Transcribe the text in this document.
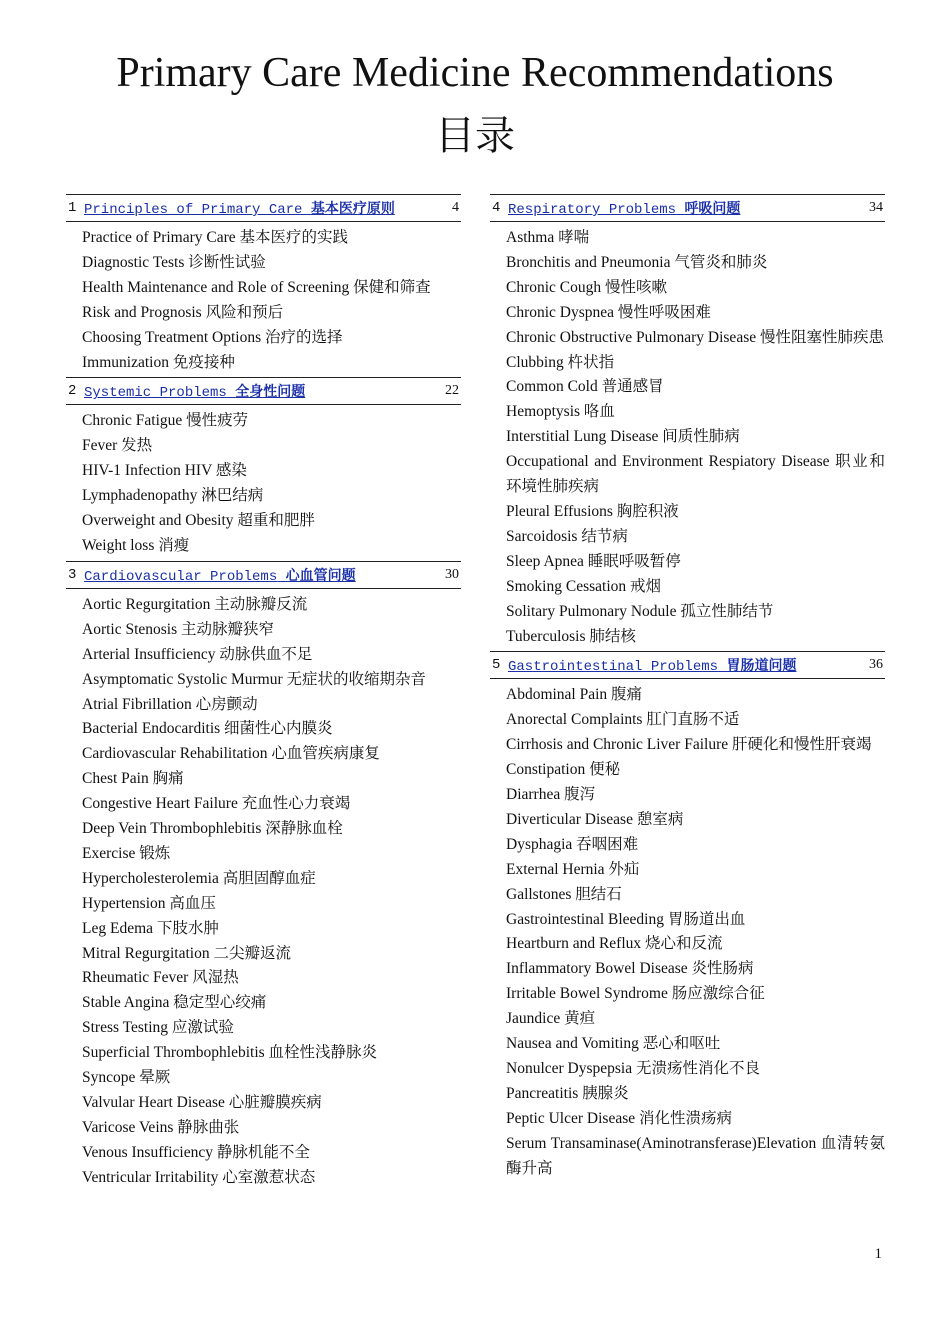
Primary Care Medicine Recommendations
目录
1 Principles of Primary Care 基本医疗原则	4
Practice of Primary Care 基本医疗的实践
Diagnostic Tests 诊断性试验
Health Maintenance and Role of Screening 保健和筛查
Risk and Prognosis 风险和预后
Choosing Treatment Options 治疗的选择
Immunization 免疫接种
2 Systemic Problems 全身性问题	22
Chronic Fatigue 慢性疲劳
Fever 发热
HIV-1 Infection HIV 感染
Lymphadenopathy 淋巴结病
Overweight and Obesity 超重和肥胖
Weight loss 消瘦
3 Cardiovascular Problems 心血管问题	30
Aortic Regurgitation 主动脉瓣反流
Aortic Stenosis 主动脉瓣狭窄
Arterial Insufficiency 动脉供血不足
Asymptomatic Systolic Murmur 无症状的收缩期杂音
Atrial Fibrillation 心房颤动
Bacterial Endocarditis 细菌性心内膜炎
Cardiovascular Rehabilitation 心血管疾病康复
Chest Pain 胸痛
Congestive Heart Failure 充血性心力衰竭
Deep Vein Thrombophlebitis 深静脉血栓
Exercise 锻炼
Hypercholesterolemia 高胆固醇血症
Hypertension 高血压
Leg Edema 下肢水肿
Mitral Regurgitation 二尖瓣返流
Rheumatic Fever 风湿热
Stable Angina 稳定型心绞痛
Stress Testing 应激试验
Superficial Thrombophlebitis 血栓性浅静脉炎
Syncope 晕厥
Valvular Heart Disease 心脏瓣膜疾病
Varicose Veins 静脉曲张
Venous Insufficiency 静脉机能不全
Ventricular Irritability 心室激惹状态
4 Respiratory Problems 呼吸问题	34
Asthma 哮喘
Bronchitis and Pneumonia 气管炎和肺炎
Chronic Cough 慢性咳嗽
Chronic Dyspnea 慢性呼吸困难
Chronic Obstructive Pulmonary Disease 慢性阻塞性肺疾患
Clubbing 杵状指
Common Cold 普通感冒
Hemoptysis 咯血
Interstitial Lung Disease 间质性肺病
Occupational and Environment Respiatory Disease 职业和环境性肺疾病
Pleural Effusions 胸腔积液
Sarcoidosis 结节病
Sleep Apnea 睡眠呼吸暂停
Smoking Cessation 戒烟
Solitary Pulmonary Nodule 孤立性肺结节
Tuberculosis 肺结核
5 Gastrointestinal Problems 胃肠道问题	36
Abdominal Pain 腹痛
Anorectal Complaints 肛门直肠不适
Cirrhosis and Chronic Liver Failure 肝硬化和慢性肝衰竭
Constipation 便秘
Diarrhea 腹泻
Diverticular Disease 憩室病
Dysphagia 吞咽困难
External Hernia 外疝
Gallstones 胆结石
Gastrointestinal Bleeding 胃肠道出血
Heartburn and Reflux 烧心和反流
Inflammatory Bowel Disease 炎性肠病
Irritable Bowel Syndrome 肠应激综合征
Jaundice 黄疸
Nausea and Vomiting 恶心和呕吐
Nonulcer Dyspepsia 无溃疡性消化不良
Pancreatitis 胰腺炎
Peptic Ulcer Disease 消化性溃疡病
Serum Transaminase(Aminotransferase)Elevation 血清转氨酶升高
1
